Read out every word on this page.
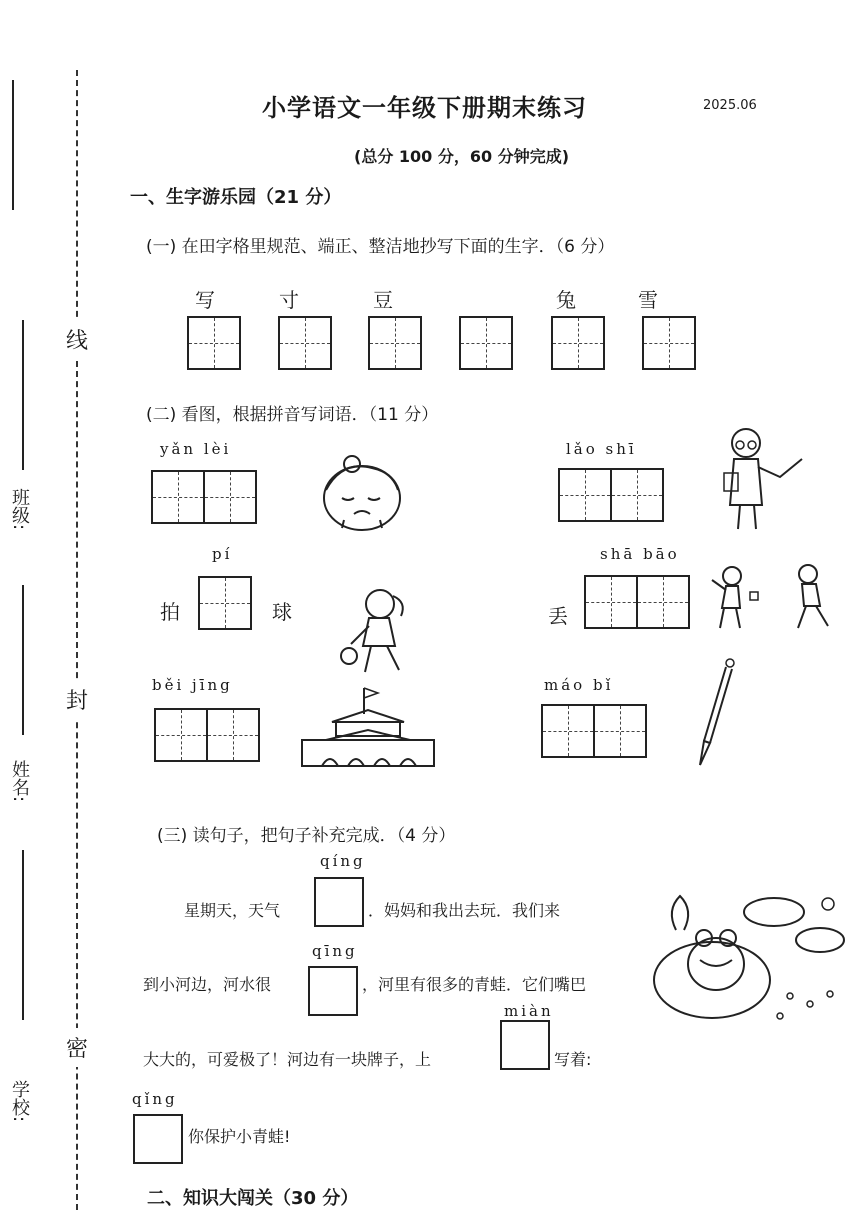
线
封
密
班级:
姓名:
学校:
小学语文一年级下册期末练习	2025.06
(总分 100 分，60 分钟完成)
一、生字游乐园（21 分）
(一) 在田字格里规范、端正、整洁地抄写下面的生字．（6 分）
写	寸	豆	兔	雪
(二) 看图，根据拼音写词语．（11 分）
yǎn lèi	lǎo shī
pí
拍	球
shā bāo
丢
běi jīng	máo bǐ
(三) 读句子，把句子补充完成．（4 分）
qíng
星期天，天气	．妈妈和我出去玩．我们来
qīng
到小河边，河水很	，河里有很多的青蛙．它们嘴巴
miàn
大大的，可爱极了！河边有一块牌子，上	写着:
qǐng
你保护小青蛙!
二、知识大闯关（30 分）
